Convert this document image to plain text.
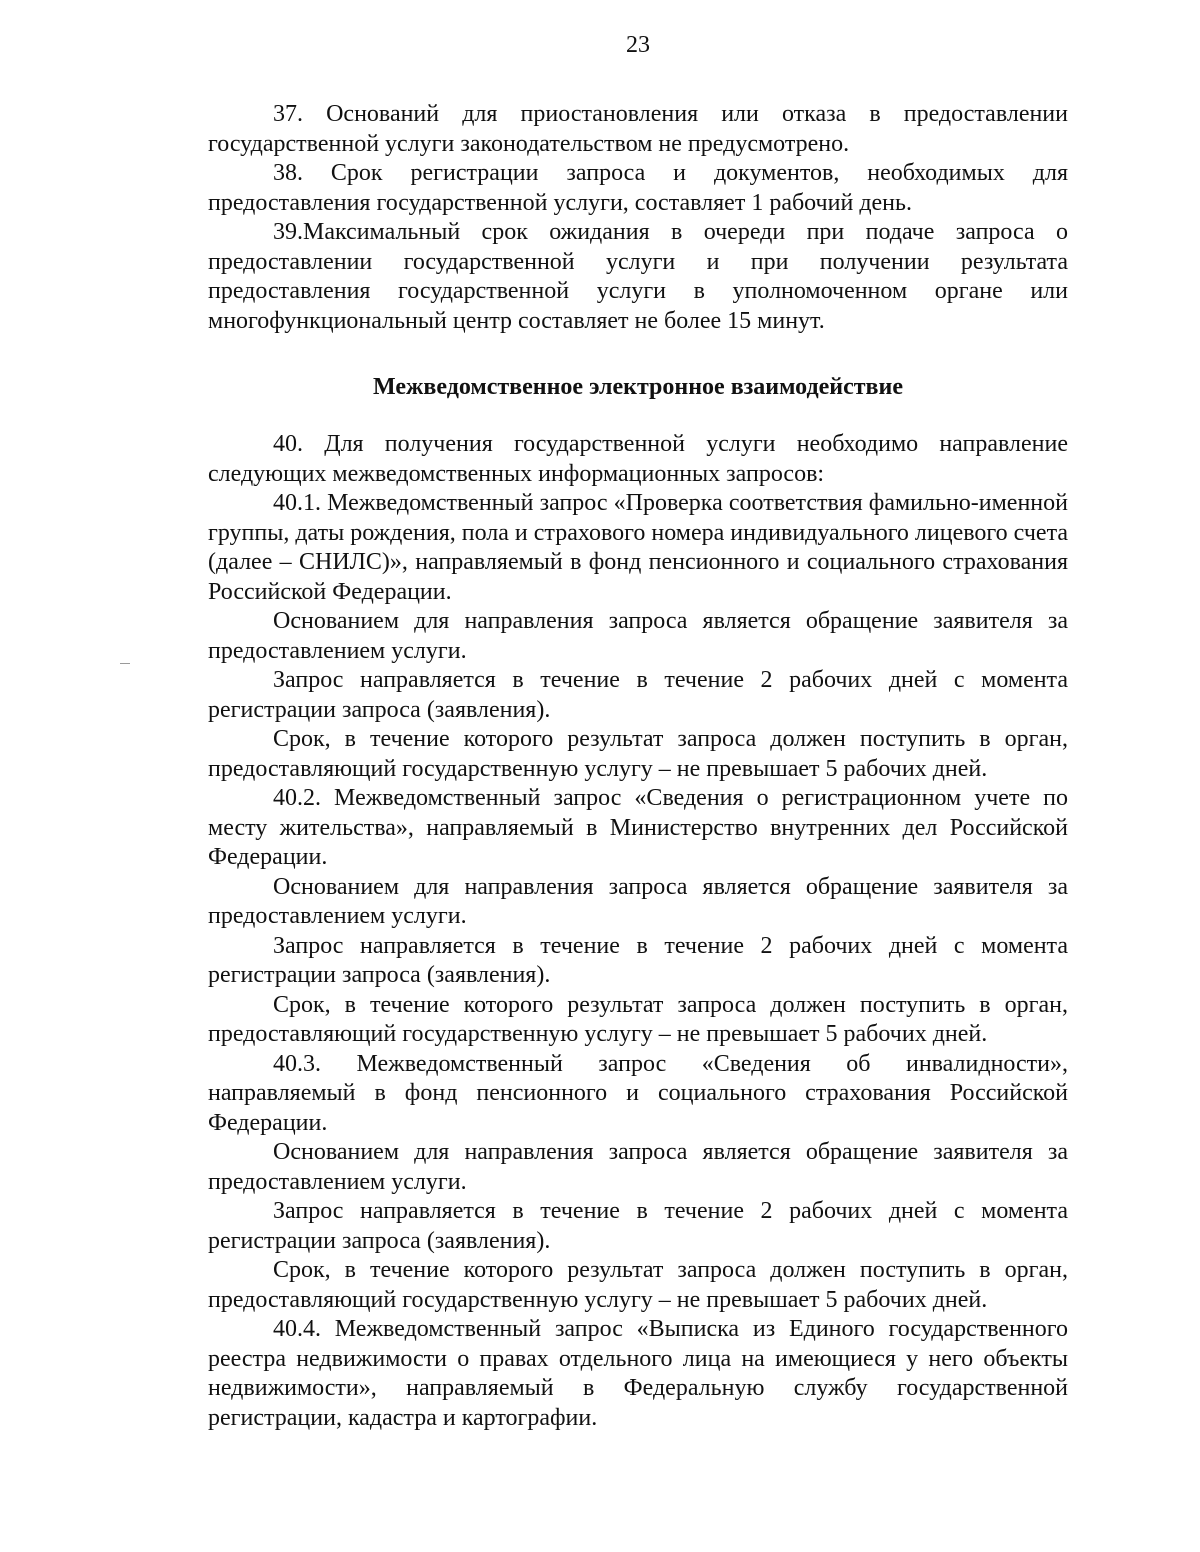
23

37. Оснований для приостановления или отказа в предоставлении государственной услуги законодательством не предусмотрено.

38. Срок регистрации запроса и документов, необходимых для предоставления государственной услуги, составляет 1 рабочий день.

39.Максимальный срок ожидания в очереди при подаче запроса о предоставлении государственной услуги и при получении результата предоставления государственной услуги в уполномоченном органе или многофункциональный центр составляет не более 15 минут.

Межведомственное электронное взаимодействие

40. Для получения государственной услуги необходимо направление следующих межведомственных информационных запросов:

40.1. Межведомственный запрос «Проверка соответствия фамильно-именной группы, даты рождения, пола и страхового номера индивидуального лицевого счета (далее – СНИЛС)», направляемый в фонд пенсионного и социального страхования Российской Федерации.

Основанием для направления запроса является обращение заявителя за предоставлением услуги.

Запрос направляется в течение в течение 2 рабочих дней с момента регистрации запроса (заявления).

Срок, в течение которого результат запроса должен поступить в орган, предоставляющий государственную услугу – не превышает 5 рабочих дней.

40.2. Межведомственный запрос «Сведения о регистрационном учете по месту жительства», направляемый в Министерство внутренних дел Российской Федерации.

Основанием для направления запроса является обращение заявителя за предоставлением услуги.

Запрос направляется в течение в течение 2 рабочих дней с момента регистрации запроса (заявления).

Срок, в течение которого результат запроса должен поступить в орган, предоставляющий государственную услугу – не превышает 5 рабочих дней.

40.3. Межведомственный запрос «Сведения об инвалидности», направляемый в фонд пенсионного и социального страхования Российской Федерации.

Основанием для направления запроса является обращение заявителя за предоставлением услуги.

Запрос направляется в течение в течение 2 рабочих дней с момента регистрации запроса (заявления).

Срок, в течение которого результат запроса должен поступить в орган, предоставляющий государственную услугу – не превышает 5 рабочих дней.

40.4. Межведомственный запрос «Выписка из Единого государственного реестра недвижимости о правах отдельного лица на имеющиеся у него объекты недвижимости», направляемый в Федеральную службу государственной регистрации, кадастра и картографии.
